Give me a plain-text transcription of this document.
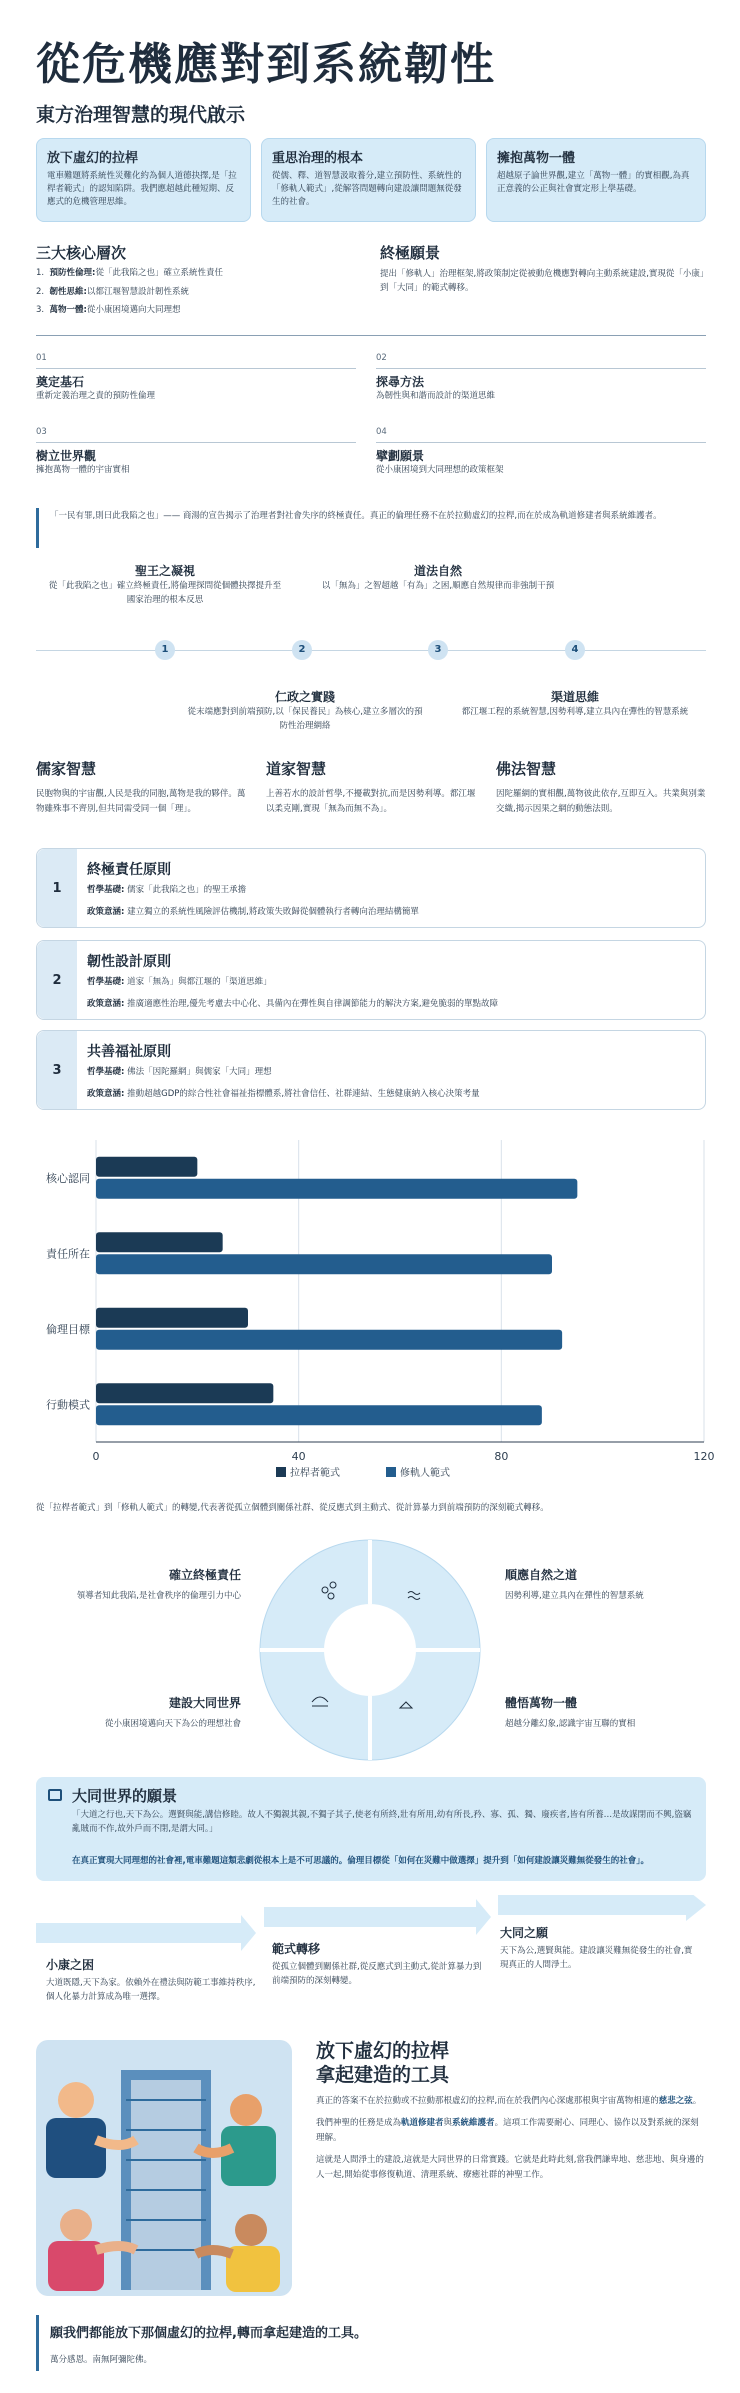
從危機應對到系統韌性
東方治理智慧的現代啟示
放下虛幻的拉桿

電車難題將系統性災難化約為個人道德抉擇,是「拉桿者範式」的認知陷阱。我們應超越此種短期、反應式的危機管理思維。

重思治理的根本

從儒、釋、道智慧汲取養分,建立預防性、系統性的「修軌人範式」,從解答問題轉向建設讓問題無從發生的社會。

擁抱萬物一體

超越原子論世界觀,建立「萬物一體」的實相觀,為真正意義的公正與社會實定形上學基礎。

三大核心層次
1. 預防性倫理:從「此我陷之也」確立系統性責任
2. 韌性思維:以都江堰智慧設計韌性系統
3. 萬物一體:從小康困境邁向大同理想
終極願景

提出「修軌人」治理框架,將政策制定從被動危機應對轉向主動系統建設,實現從「小康」到「大同」的範式轉移。

01
奠定基石
重新定義治理之責的預防性倫理
02
探尋方法
為韌性與和諧而設計的渠道思維
03
樹立世界觀
擁抱萬物一體的宇宙實相
04
擘劃願景
從小康困境到大同理想的政策框架

「一民有罪,則曰此我陷之也」—— 商湯的宣告揭示了治理者對社會失序的終極責任。真正的倫理任務不在於拉動虛幻的拉桿,而在於成為軌道修建者與系統維護者。

聖王之凝視
從「此我陷之也」確立終極責任,將倫理探問從個體抉擇提升至國家治理的根本反思
1	2
仁政之實踐
從末端應對到前端預防,以「保民養民」為核心,建立多層次的預防性治理網絡
道法自然
以「無為」之智超越「有為」之困,順應自然規律而非強制干預
3	4
渠道思維
都江堰工程的系統智慧,因勢利導,建立具內在彈性的智慧系統
儒家智慧

民胞物與的宇宙觀,人民是我的同胞,萬物是我的夥伴。萬物雖殊事不齊別,但共同需受同一個「理」。

道家智慧

上善若水的設計哲學,不擾載對抗,而是因勢利導。都江堰以柔克剛,實現「無為而無不為」。

佛法智慧

因陀羅網的實相觀,萬物彼此依存,互即互入。共業與別業交織,揭示因果之網的動態法則。

1
終極責任原則
哲學基礎: 儒家「此我陷之也」的聖王承擔
政策意涵: 建立獨立的系統性風險評估機制,將政策失敗歸從個體執行者轉向治理結構簡單
2
韌性設計原則
哲學基礎: 道家「無為」與都江堰的「渠道思維」
政策意涵: 推廣適應性治理,優先考慮去中心化、具備內在彈性與自律調節能力的解決方案,避免脆弱的單點故障
3
共善福祉原則
哲學基礎: 佛法「因陀羅網」與儒家「大同」理想
政策意涵: 推動超越GDP的綜合性社會福祉指標體系,將社會信任、社群連結、生態健康納入核心決策考量
0	40	80	120
核心認同
責任所在
倫理目標
行動模式
拉桿者範式	修軌人範式

從「拉桿者範式」到「修軌人範式」的轉變,代表著從孤立個體到關係社群、從反應式到主動式、從計算暴力到前端預防的深刻範式轉移。

確立終極責任
領導者知此我陷,是社會秩序的倫理引力中心
順應自然之道
因勢利導,建立具內在彈性的智慧系統
建設大同世界
從小康困境邁向天下為公的理想社會
體悟萬物一體
超越分離幻象,認識宇宙互聯的實相
大同世界的願景

「大道之行也,天下為公。選賢與能,講信修睦。故人不獨親其親,不獨子其子,使老有所終,壯有所用,幼有所長,矜、寡、孤、獨、廢疾者,皆有所養…是故謀閉而不興,盜竊亂賊而不作,故外戶而不閉,是謂大同。」

在真正實現大同理想的社會裡,電車難題這類悲劇從根本上是不可思議的。倫理目標從「如何在災難中做選擇」提升到「如何建設讓災難無從發生的社會」。

小康之困
大道既隱,天下為家。依賴外在禮法與防範工事維持秩序,個人化暴力計算成為唯一選擇。
範式轉移
從孤立個體到關係社群,從反應式到主動式,從計算暴力到前端預防的深刻轉變。
大同之願
天下為公,選賢與能。建設讓災難無從發生的社會,實現真正的人間淨土。
放下虛幻的拉桿
拿起建造的工具

真正的答案不在於拉動或不拉動那根虛幻的拉桿,而在於我們內心深處那根與宇宙萬物相連的慈悲之弦。

我們神聖的任務是成為軌道修建者與系統維護者。這項工作需要耐心、同理心、協作以及對系統的深刻理解。

這就是人間淨土的建設,這就是大同世界的日常實踐。它就是此時此刻,當我們謙卑地、慈悲地、與身邊的人一起,開始從事修復軌道、清理系統、療癒社群的神聖工作。

願我們都能放下那個虛幻的拉桿,轉而拿起建造的工具。
萬分感恩。南無阿彌陀佛。
